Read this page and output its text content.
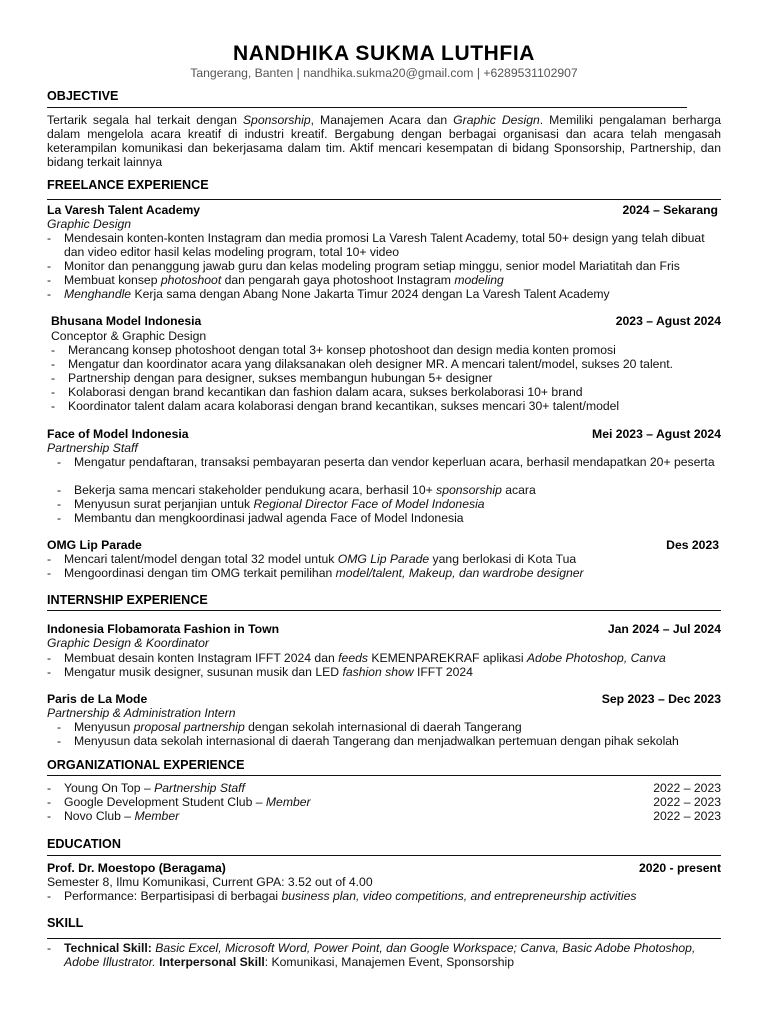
NANDHIKA SUKMA LUTHFIA
Tangerang, Banten | nandhika.sukma20@gmail.com | +6289531102907
OBJECTIVE
Tertarik segala hal terkait dengan Sponsorship, Manajemen Acara dan Graphic Design. Memiliki pengalaman berharga dalam mengelola acara kreatif di industri kreatif. Bergabung dengan berbagai organisasi dan acara telah mengasah keterampilan komunikasi dan bekerjasama dalam tim. Aktif mencari kesempatan di bidang Sponsorship, Partnership, dan bidang terkait lainnya
FREELANCE EXPERIENCE
La Varesh Talent Academy	2024 – Sekarang
Graphic Design
- Mendesain konten-konten Instagram dan media promosi La Varesh Talent Academy, total 50+ design yang telah dibuat dan video editor hasil kelas modeling program, total 10+ video
- Monitor dan penanggung jawab guru dan kelas modeling program setiap minggu, senior model Mariatitah dan Fris
- Membuat konsep photoshoot dan pengarah gaya photoshoot Instagram modeling
- Menghandle Kerja sama dengan Abang None Jakarta Timur 2024 dengan La Varesh Talent Academy
Bhusana Model Indonesia	2023 – Agust 2024
Conceptor & Graphic Design
- Merancang konsep photoshoot dengan total 3+ konsep photoshoot dan design media konten promosi
- Mengatur dan koordinator acara yang dilaksanakan oleh designer MR. A mencari talent/model, sukses 20 talent.
- Partnership dengan para designer, sukses membangun hubungan 5+ designer
- Kolaborasi dengan brand kecantikan dan fashion dalam acara, sukses berkolaborasi 10+ brand
- Koordinator talent dalam acara kolaborasi dengan brand kecantikan, sukses mencari 30+ talent/model
Face of Model Indonesia	Mei 2023 – Agust 2024
Partnership Staff
- Mengatur pendaftaran, transaksi pembayaran peserta dan vendor keperluan acara, berhasil mendapatkan 20+ peserta
- Bekerja sama mencari stakeholder pendukung acara, berhasil 10+ sponsorship acara
- Menyusun surat perjanjian untuk Regional Director Face of Model Indonesia
- Membantu dan mengkoordinasi jadwal agenda Face of Model Indonesia
OMG Lip Parade	Des 2023
- Mencari talent/model dengan total 32 model untuk OMG Lip Parade yang berlokasi di Kota Tua
- Mengoordinasi dengan tim OMG terkait pemilihan model/talent, Makeup, dan wardrobe designer
INTERNSHIP EXPERIENCE
Indonesia Flobamorata Fashion in Town	Jan 2024 – Jul 2024
Graphic Design & Koordinator
- Membuat desain konten Instagram IFFT 2024 dan feeds KEMENPAREKRAF aplikasi Adobe Photoshop, Canva
- Mengatur musik designer, susunan musik dan LED fashion show IFFT 2024
Paris de La Mode	Sep 2023 – Dec 2023
Partnership & Administration Intern
- Menyusun proposal partnership dengan sekolah internasional di daerah Tangerang
- Menyusun data sekolah internasional di daerah Tangerang dan menjadwalkan pertemuan dengan pihak sekolah
ORGANIZATIONAL EXPERIENCE
- Young On Top – Partnership Staff	2022 – 2023
- Google Development Student Club – Member	2022 – 2023
- Novo Club – Member	2022 – 2023
EDUCATION
Prof. Dr. Moestopo (Beragama)	2020 - present
Semester 8, Ilmu Komunikasi, Current GPA: 3.52 out of 4.00
- Performance: Berpartisipasi di berbagai business plan, video competitions, and entrepreneurship activities
SKILL
- Technical Skill: Basic Excel, Microsoft Word, Power Point, dan Google Workspace; Canva, Basic Adobe Photoshop, Adobe Illustrator. Interpersonal Skill: Komunikasi, Manajemen Event, Sponsorship
